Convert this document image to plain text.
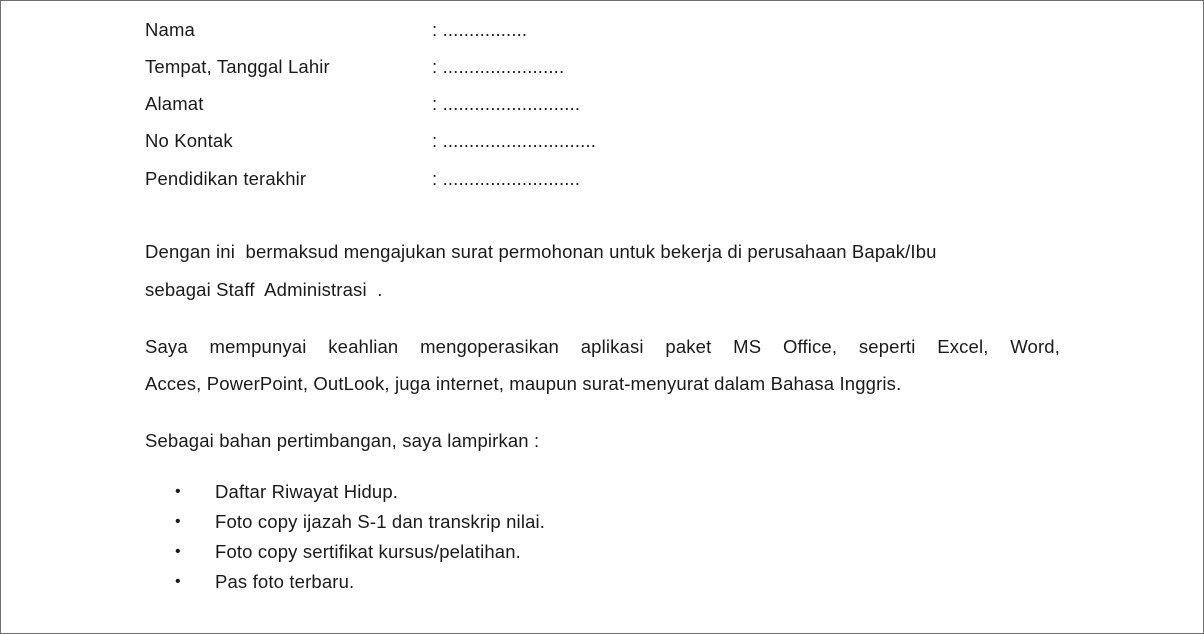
Nama	: ................
Tempat, Tanggal Lahir	: .......................
Alamat	: ..........................
No Kontak	: .............................
Pendidikan terakhir	: ..........................
Dengan ini  bermaksud mengajukan surat permohonan untuk bekerja di perusahaan Bapak/Ibu
sebagai Staff  Administrasi  .
Saya mempunyai keahlian mengoperasikan aplikasi paket MS Office, seperti Excel, Word,
Acces, PowerPoint, OutLook, juga internet, maupun surat-menyurat dalam Bahasa Inggris.
Sebagai bahan pertimbangan, saya lampirkan :
• Daftar Riwayat Hidup.
• Foto copy ijazah S-1 dan transkrip nilai.
• Foto copy sertifikat kursus/pelatihan.
• Pas foto terbaru.
